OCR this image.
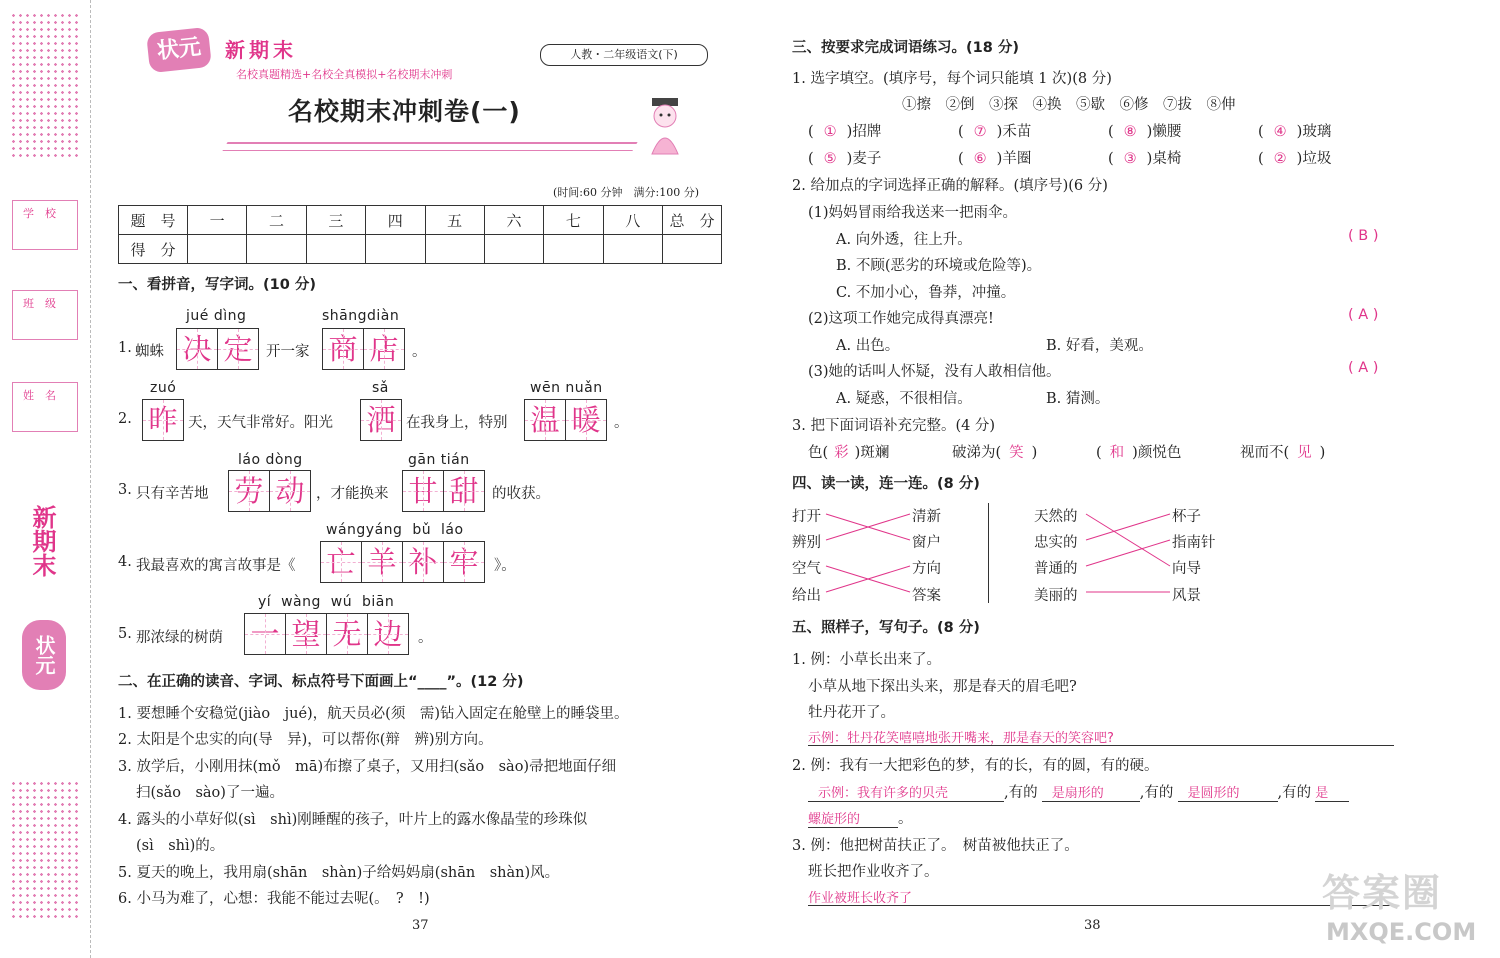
学　校
班　级
姓　名
新期末
状元
状元	新期末
名校真题精选+名校全真模拟+名校期末冲刺
人教・二年级语文(下)
名校期末冲刺卷(一)
(时间:60 分钟　满分:100 分)
题　号	一	二	三	四	五	六	七	八	总　分
得　分									
一、看拼音，写字词。(10 分)
1. 蜘蛛
jué dìng
决 定 开一家
shāngdiàn
商 店 。
2.
zuó
昨 天，天气非常好。阳光
sǎ
洒 在我身上，特别
wēn nuǎn
温 暖 。
3. 只有辛苦地
láo dòng
劳 动 ，才能换来
gān tián
甘 甜 的收获。
4. 我最喜欢的寓言故事是《
wángyáng  bǔ  láo
亡 羊 补 牢	》。
5. 那浓绿的树荫
yí  wàng  wú  biān
一 望 无 边	。
二、在正确的读音、字词、标点符号下面画上“____”。(12 分)
1. 要想睡个安稳觉(jiào　jué)，航天员必(须　需)钻入固定在舱壁上的睡袋里。
2. 太阳是个忠实的向(导　异)，可以帮你(辩　辨)别方向。
3. 放学后，小刚用抹(mǒ　mā)布擦了桌子，又用扫(sǎo　sào)帚把地面仔细
扫(sǎo　sào)了一遍。
4. 露头的小草好似(sì　shì)刚睡醒的孩子，叶片上的露水像晶莹的珍珠似
(sì　shì)的。
5. 夏天的晚上，我用扇(shān　shàn)子给妈妈扇(shān　shàn)风。
6. 小马为难了，心想：我能不能过去呢(。　?　!)
37
三、按要求完成词语练习。(18 分)
1. 选字填空。(填序号，每个词只能填 1 次)(8 分)
①擦　②倒　③探　④换　⑤歇　⑥修　⑦拔　⑧伸
( ① )招牌	( ⑦ )禾苗	( ⑧ )懒腰	( ④ )玻璃
( ⑤ )麦子	( ⑥ )羊圈	( ③ )桌椅	( ② )垃圾
2. 给加点的字词选择正确的解释。(填序号)(6 分)
(1)妈妈冒雨给我送来一把雨伞。
A. 向外透，往上升。	( B )
B. 不顾(恶劣的环境或危险等)。
C. 不加小心，鲁莽，冲撞。
(2)这项工作她完成得真漂亮!	( A )
A. 出色。	B. 好看，美观。
(3)她的话叫人怀疑，没有人敢相信他。	( A )
A. 疑惑，不很相信。	B. 猜测。
3. 把下面词语补充完整。(4 分)
色( 彩 )斑斓	破涕为( 笑 )	( 和 )颜悦色	视而不( 见 )
四、读一读，连一连。(8 分)
打开
辨别
空气
给出
清新
窗户
方向
答案
天然的
忠实的
普通的
美丽的
杯子
指南针
向导
风景
五、照样子，写句子。(8 分)
1. 例：小草长出来了。
小草从地下探出头来，那是春天的眉毛吧?
牡丹花开了。
示例：牡丹花笑嘻嘻地张开嘴来，那是春天的笑容吧?
2. 例：我有一大把彩色的梦，有的长，有的圆，有的硬。
示例：我有许多的贝壳	,有的 是扇形的 ,有的 是圆形的	,有的 是
螺旋形的	。
3. 例：他把树苗扶正了。　树苗被他扶正了。
班长把作业收齐了。
作业被班长收齐了
38
答案圈
MXQE.COM
